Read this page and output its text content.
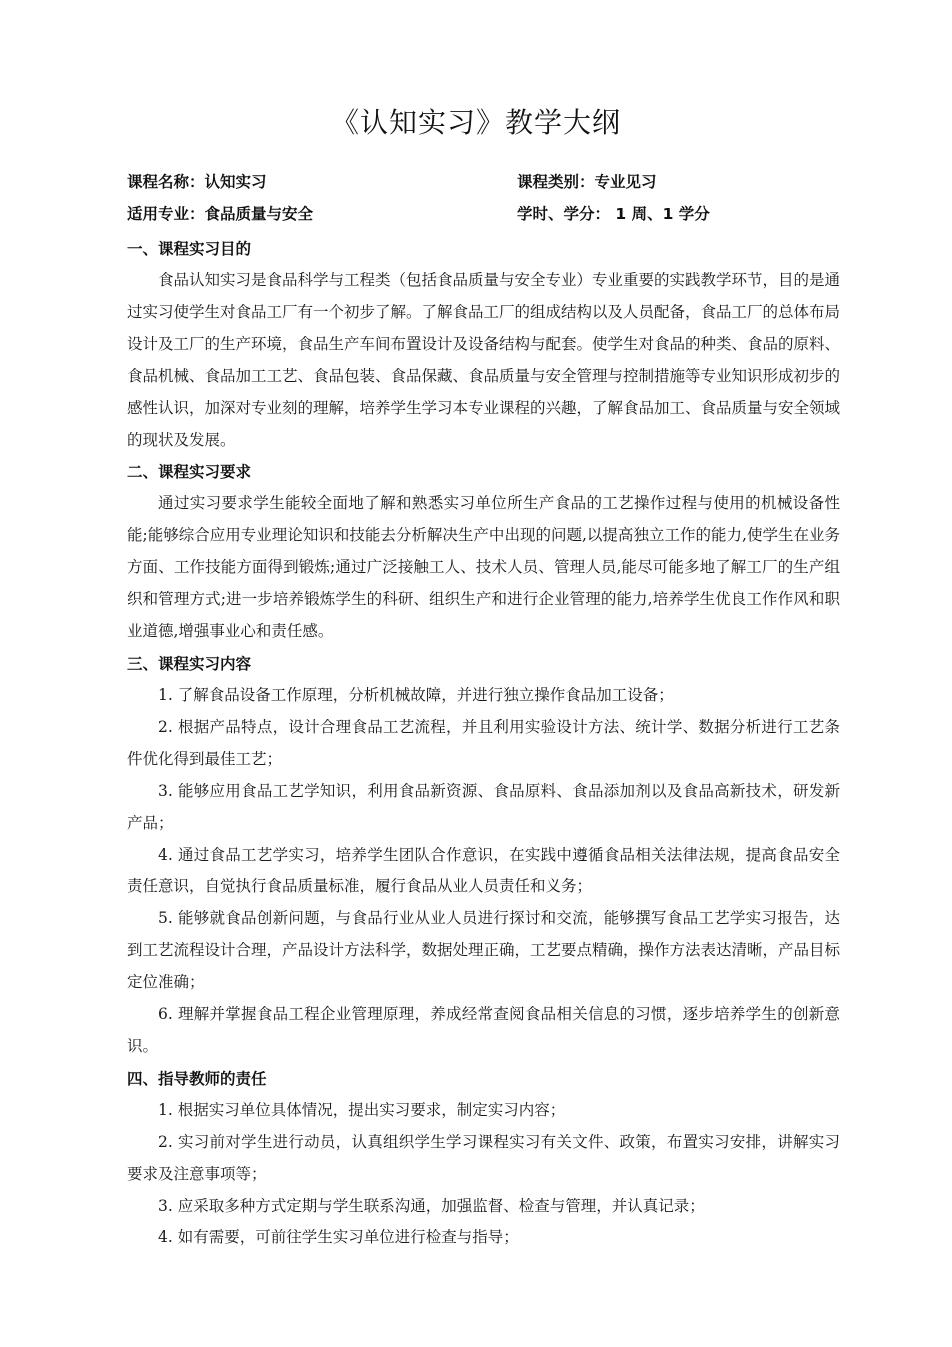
《认知实习》教学大纲
课程名称：认知实习	课程类别：专业见习
适用专业：食品质量与安全	学时、学分： 1 周、1 学分
一、课程实习目的

食品认知实习是食品科学与工程类（包括食品质量与安全专业）专业重要的实践教学环节，目的是通过实习使学生对食品工厂有一个初步了解。了解食品工厂的组成结构以及人员配备，食品工厂的总体布局设计及工厂的生产环境，食品生产车间布置设计及设备结构与配套。使学生对食品的种类、食品的原料、食品机械、食品加工工艺、食品包装、食品保藏、食品质量与安全管理与控制措施等专业知识形成初步的感性认识，加深对专业刻的理解，培养学生学习本专业课程的兴趣，了解食品加工、食品质量与安全领域的现状及发展。

二、课程实习要求

通过实习要求学生能较全面地了解和熟悉实习单位所生产食品的工艺操作过程与使用的机械设备性能;能够综合应用专业理论知识和技能去分析解决生产中出现的问题,以提高独立工作的能力,使学生在业务方面、工作技能方面得到锻炼;通过广泛接触工人、技术人员、管理人员,能尽可能多地了解工厂的生产组织和管理方式;进一步培养锻炼学生的科研、组织生产和进行企业管理的能力,培养学生优良工作作风和职业道德,增强事业心和责任感。

三、课程实习内容

1. 了解食品设备工作原理，分析机械故障，并进行独立操作食品加工设备；

2. 根据产品特点，设计合理食品工艺流程，并且利用实验设计方法、统计学、数据分析进行工艺条件优化得到最佳工艺；

3. 能够应用食品工艺学知识，利用食品新资源、食品原料、食品添加剂以及食品高新技术，研发新产品；

4. 通过食品工艺学实习，培养学生团队合作意识，在实践中遵循食品相关法律法规，提高食品安全责任意识，自觉执行食品质量标准，履行食品从业人员责任和义务；

5. 能够就食品创新问题，与食品行业从业人员进行探讨和交流，能够撰写食品工艺学实习报告，达到工艺流程设计合理，产品设计方法科学，数据处理正确，工艺要点精确，操作方法表达清晰，产品目标定位准确；

6. 理解并掌握食品工程企业管理原理，养成经常查阅食品相关信息的习惯，逐步培养学生的创新意识。

四、指导教师的责任

1. 根据实习单位具体情况，提出实习要求，制定实习内容；

2. 实习前对学生进行动员，认真组织学生学习课程实习有关文件、政策，布置实习安排，讲解实习要求及注意事项等；

3. 应采取多种方式定期与学生联系沟通，加强监督、检查与管理，并认真记录；

4. 如有需要，可前往学生实习单位进行检查与指导；
